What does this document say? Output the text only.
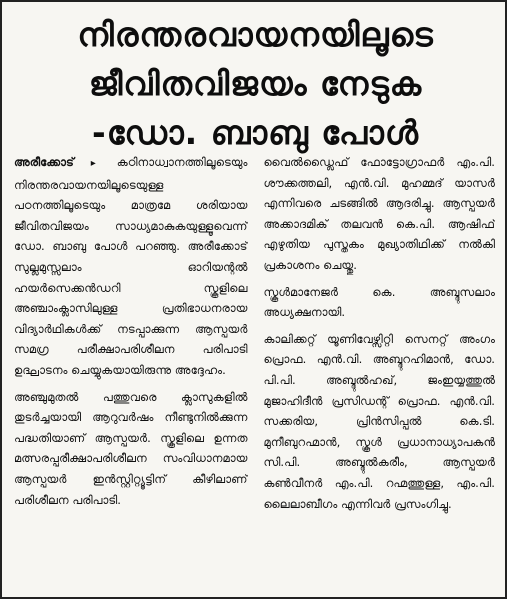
നിരന്തരവായനയിലൂടെ
ജീവിതവിജയം നേടുക
-ഡോ. ബാബു പോൾ

അരീക്കോട് ▸ കഠിനാധ്വാനത്തിലൂടെയും നിരന്തരവായനയിലൂടെയുള്ള പഠനത്തിലൂടെയും മാത്രമേ ശരിയായ ജീവിതവിജയം സാധ്യമാകുകയുള്ളൂവെന്ന് ഡോ. ബാബു പോൾ പറഞ്ഞു. അരീക്കോട് സുല്ലമുസ്സലാം ഓറിയന്റൽ ഹയർസെക്കൻഡറി സ്കൂളിലെ അഞ്ചാംക്ലാസിലുള്ള പ്രതിഭാധനരായ വിദ്യാർഥികൾക്ക് നടപ്പാക്കുന്ന ആസ്പയർ സമഗ്ര പരീക്ഷാപരിശീലന പരിപാടി ഉദ്ഘാടനം ചെയ്യുകയായിരുന്നു അദ്ദേഹം.

അഞ്ചുമുതൽ പത്തുവരെ ക്ലാസുകളിൽ തുടർച്ചയായി ആറുവർഷം നീണ്ടുനിൽക്കുന്ന പദ്ധതിയാണ് ആസ്പയർ. സ്കൂളിലെ ഉന്നത മത്സരപ്പരീക്ഷാപരിശീലന സംവിധാനമായ ആസ്പയർ ഇൻസ്റ്റിറ്റ്യൂട്ടിന് കീഴിലാണ് പരിശീലന പരിപാടി.

വൈൽഡ്ലൈഫ് ഫോട്ടോഗ്രാഫർ എം.പി. ശൗക്കത്തലി, എൻ.വി. മുഹമ്മദ് യാസർ എന്നിവരെ ചടങ്ങിൽ ആദരിച്ചു. ആസ്പയർ അക്കാദമിക് തലവൻ കെ.പി. ആഷിഫ് എഴുതിയ പുസ്തകം മുഖ്യാതിഥിക്ക് നൽകി പ്രകാശനം ചെയ്തു.

സ്കൂൾമാനേജർ കെ. അബ്ദുസലാം അധ്യക്ഷനായി.

കാലിക്കറ്റ് യൂണിവേഴ്സിറ്റി സെനറ്റ് അംഗം പ്രൊഫ. എൻ.വി. അബ്ദുറഹിമാൻ, ഡോ. പി.പി. അബ്ദുൽഹഖ്, ജംഇയ്യത്തുൽ മുജാഹിദീൻ പ്രസിഡന്റ് പ്രൊഫ. എൻ.വി. സക്കരിയ, പ്രിൻസിപ്പൽ കെ.ടി. മുനീബുറഹ്മാൻ, സ്കൂൾ പ്രധാനാധ്യാപകൻ സി.പി. അബ്ദുൽകരീം, ആസ്പയർ കൺവീനർ എം.പി. റഹ്മത്തുള്ള, എം.പി. ലൈലാബീഗം എന്നിവർ പ്രസംഗിച്ചു.
